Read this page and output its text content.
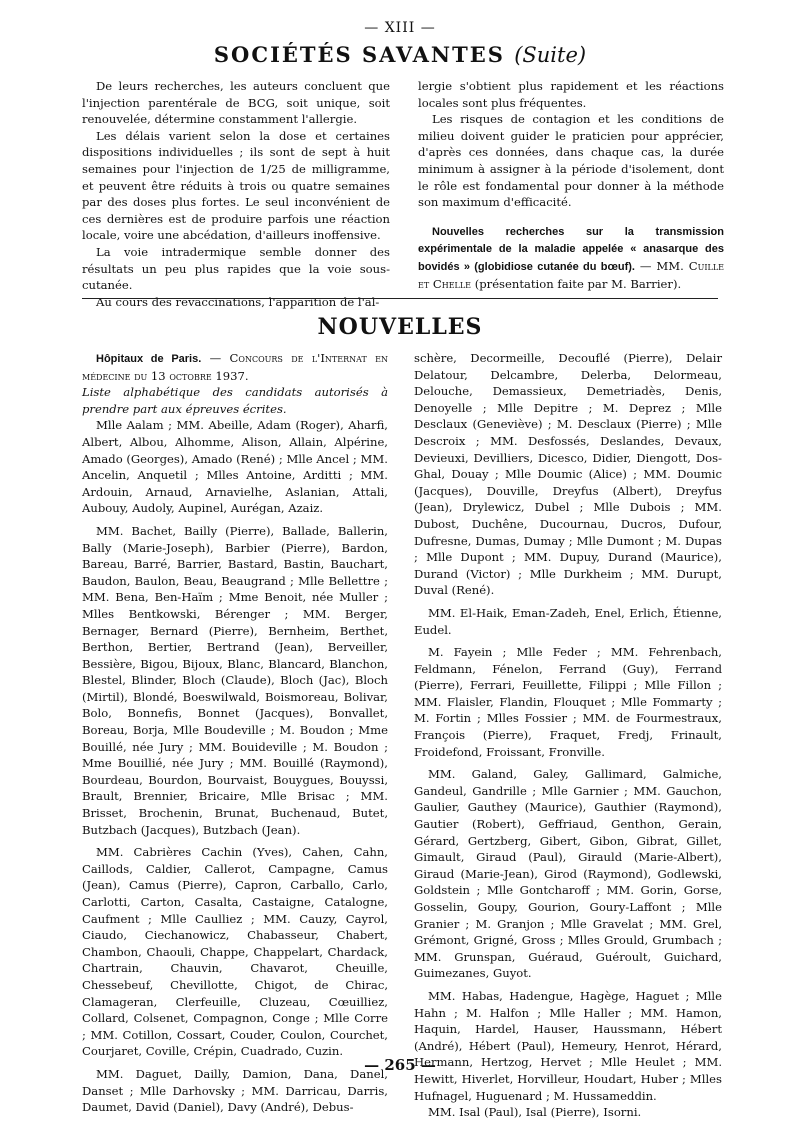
— XIII —
SOCIÉTÉS SAVANTES (Suite)

De leurs recherches, les auteurs concluent que l'injection parentérale de BCG, soit unique, soit renouvelée, détermine constamment l'allergie.

Les délais varient selon la dose et certaines dispositions individuelles ; ils sont de sept à huit semaines pour l'injection de 1/25 de milligramme, et peuvent être réduits à trois ou quatre semaines par des doses plus fortes. Le seul inconvénient de ces dernières est de produire parfois une réaction locale, voire une abcédation, d'ailleurs inoffensive.

La voie intradermique semble donner des résultats un peu plus rapides que la voie sous-cutanée.

Au cours des revaccinations, l'apparition de l'al-

lergie s'obtient plus rapidement et les réactions locales sont plus fréquentes.

Les risques de contagion et les conditions de milieu doivent guider le praticien pour apprécier, d'après ces données, dans chaque cas, la durée minimum à assigner à la période d'isolement, dont le rôle est fondamental pour donner à la méthode son maximum d'efficacité.

Nouvelles recherches sur la transmission expérimentale de la maladie appelée « anasarque des bovidés » (globidiose cutanée du bœuf). — MM. Cuille et Chelle (présentation faite par M. Barrier).

NOUVELLES

Hôpitaux de Paris. — Concours de l'Internat en médecine du 13 octobre 1937.

Liste alphabétique des candidats autorisés à prendre part aux épreuves écrites.

Mlle Aalam ; MM. Abeille, Adam (Roger), Aharfi, Albert, Albou, Alhomme, Alison, Allain, Alpérine, Amado (Georges), Amado (René) ; Mlle Ancel ; MM. Ancelin, Anquetil ; Mlles Antoine, Arditti ; MM. Ardouin, Arnaud, Arnavielhe, Aslanian, Attali, Aubouy, Audoly, Aupinel, Aurégan, Azaiz.

MM. Bachet, Bailly (Pierre), Ballade, Ballerin, Bally (Marie-Joseph), Barbier (Pierre), Bardon, Bareau, Barré, Barrier, Bastard, Bastin, Bauchart, Baudon, Baulon, Beau, Beaugrand ; Mlle Bellettre ; MM. Bena, Ben-Haïm ; Mme Benoit, née Muller ; Mlles Bentkowski, Bérenger ; MM. Berger, Bernager, Bernard (Pierre), Bernheim, Berthet, Berthon, Bertier, Bertrand (Jean), Berveiller, Bessière, Bigou, Bijoux, Blanc, Blancard, Blanchon, Blestel, Blinder, Bloch (Claude), Bloch (Jac), Bloch (Mirtil), Blondé, Boeswilwald, Boismoreau, Bolivar, Bolo, Bonnefis, Bonnet (Jacques), Bonvallet, Boreau, Borja, Mlle Boudeville ; M. Boudon ; Mme Bouillé, née Jury ; MM. Bouideville ; M. Boudon ; Mme Bouillié, née Jury ; MM. Bouillé (Raymond), Bourdeau, Bourdon, Bourvaist, Bouygues, Bouyssi, Brault, Brennier, Bricaire, Mlle Brisac ; MM. Brisset, Brochenin, Brunat, Buchenaud, Butet, Butzbach (Jacques), Butzbach (Jean).

MM. Cabrières Cachin (Yves), Cahen, Cahn, Caillods, Caldier, Callerot, Campagne, Camus (Jean), Camus (Pierre), Capron, Carballo, Carlo, Carlotti, Carton, Casalta, Castaigne, Catalogne, Caufment ; Mlle Caulliez ; MM. Cauzy, Cayrol, Ciaudo, Ciechanowicz, Chabasseur, Chabert, Chambon, Chaouli, Chappe, Chappelart, Chardack, Chartrain, Chauvin, Chavarot, Cheuille, Chessebeuf, Chevillotte, Chigot, de Chirac, Clamageran, Clerfeuille, Cluzeau, Cœuilliez, Collard, Colsenet, Compagnon, Conge ; Mlle Corre ; MM. Cotillon, Cossart, Couder, Coulon, Courchet, Courjaret, Coville, Crépin, Cuadrado, Cuzin.

MM. Daguet, Dailly, Damion, Dana, Danel, Danset ; Mlle Darhovsky ; MM. Darricau, Darris, Daumet, David (Daniel), Davy (André), Debus-

schère, Decormeille, Decouflé (Pierre), Delair Delatour, Delcambre, Delerba, Delormeau, Delouche, Demassieux, Demetriadès, Denis, Denoyelle ; Mlle Depitre ; M. Deprez ; Mlle Desclaux (Geneviève) ; M. Desclaux (Pierre) ; Mlle Descroix ; MM. Desfossés, Deslandes, Devaux, Devieuxi, Devilliers, Dicesco, Didier, Diengott, Dos-Ghal, Douay ; Mlle Doumic (Alice) ; MM. Doumic (Jacques), Douville, Dreyfus (Albert), Dreyfus (Jean), Drylewicz, Dubel ; Mlle Dubois ; MM. Dubost, Duchêne, Ducournau, Ducros, Dufour, Dufresne, Dumas, Dumay ; Mlle Dumont ; M. Dupas ; Mlle Dupont ; MM. Dupuy, Durand (Maurice), Durand (Victor) ; Mlle Durkheim ; MM. Durupt, Duval (René).

MM. El-Haik, Eman-Zadeh, Enel, Erlich, Étienne, Eudel.

M. Fayein ; Mlle Feder ; MM. Fehrenbach, Feldmann, Fénelon, Ferrand (Guy), Ferrand (Pierre), Ferrari, Feuillette, Filippi ; Mlle Fillon ; MM. Flaisler, Flandin, Flouquet ; Mlle Fommarty ; M. Fortin ; Mlles Fossier ; MM. de Fourmestraux, François (Pierre), Fraquet, Fredj, Frinault, Froidefond, Froissant, Fronville.

MM. Galand, Galey, Gallimard, Galmiche, Gandeul, Gandrille ; Mlle Garnier ; MM. Gauchon, Gaulier, Gauthey (Maurice), Gauthier (Raymond), Gautier (Robert), Geffriaud, Genthon, Gerain, Gérard, Gertzberg, Gibert, Gibon, Gibrat, Gillet, Gimault, Giraud (Paul), Girauld (Marie-Albert), Giraud (Marie-Jean), Girod (Raymond), Godlewski, Goldstein ; Mlle Gontcharoff ; MM. Gorin, Gorse, Gosselin, Goupy, Gourion, Goury-Laffont ; Mlle Granier ; M. Granjon ; Mlle Gravelat ; MM. Grel, Grémont, Grigné, Gross ; Mlles Grould, Grumbach ; MM. Grunspan, Guéraud, Guéroult, Guichard, Guimezanes, Guyot.

MM. Habas, Hadengue, Hagège, Haguet ; Mlle Hahn ; M. Halfon ; Mlle Haller ; MM. Hamon, Haquin, Hardel, Hauser, Haussmann, Hébert (André), Hébert (Paul), Hemeury, Henrot, Hérard, Hermann, Hertzog, Hervet ; Mlle Heulet ; MM. Hewitt, Hiverlet, Horvilleur, Houdart, Huber ; Mlles Hufnagel, Huguenard ; M. Hussameddin.

MM. Isal (Paul), Isal (Pierre), Isorni.

— 265 —
